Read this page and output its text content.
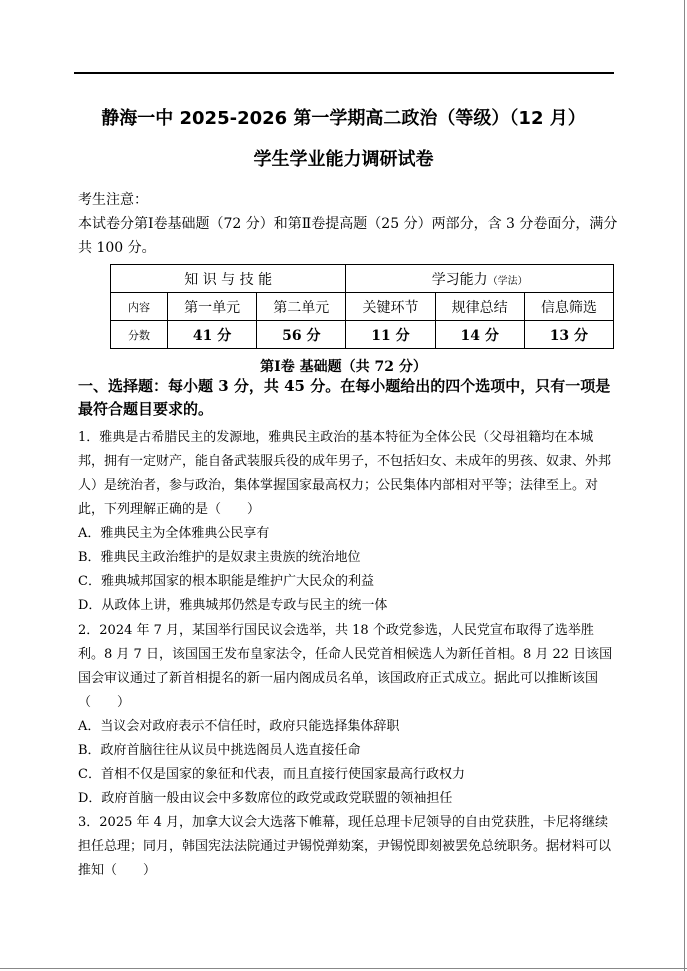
静海一中 2025-2026 第一学期高二政治（等级）（12 月）
学生学业能力调研试卷
考生注意：
本试卷分第Ⅰ卷基础题（72 分）和第Ⅱ卷提高题（25 分）两部分，含 3 分卷面分，满分共 100 分。
知 识 与 技 能			学习能力（学法）		
内容	第一单元	第二单元	关键环节	规律总结	信息筛选
分数	41 分	56 分	11 分	14 分	13 分
第Ⅰ卷 基础题（共 72 分）
一、选择题：每小题 3 分，共 45 分。在每小题给出的四个选项中，只有一项是最符合题目要求的。

1．雅典是古希腊民主的发源地，雅典民主政治的基本特征为全体公民（父母祖籍均在本城邦，拥有一定财产，能自备武装服兵役的成年男子，不包括妇女、未成年的男孩、奴隶、外邦人）是统治者，参与政治，集体掌握国家最高权力；公民集体内部相对平等；法律至上。对此，下列理解正确的是（　　）

A．雅典民主为全体雅典公民享有

B．雅典民主政治维护的是奴隶主贵族的统治地位

C．雅典城邦国家的根本职能是维护广大民众的利益

D．从政体上讲，雅典城邦仍然是专政与民主的统一体

2．2024 年 7 月，某国举行国民议会选举，共 18 个政党参选，人民党宣布取得了选举胜利。8 月 7 日，该国国王发布皇家法令，任命人民党首相候选人为新任首相。8 月 22 日该国国会审议通过了新首相提名的新一届内阁成员名单，该国政府正式成立。据此可以推断该国（　　）

A．当议会对政府表示不信任时，政府只能选择集体辞职

B．政府首脑往往从议员中挑选阁员人选直接任命

C．首相不仅是国家的象征和代表，而且直接行使国家最高行政权力

D．政府首脑一般由议会中多数席位的政党或政党联盟的领袖担任

3．2025 年 4 月，加拿大议会大选落下帷幕，现任总理卡尼领导的自由党获胜，卡尼将继续担任总理；同月，韩国宪法法院通过尹锡悦弹劾案，尹锡悦即刻被罢免总统职务。据材料可以推知（　　）
